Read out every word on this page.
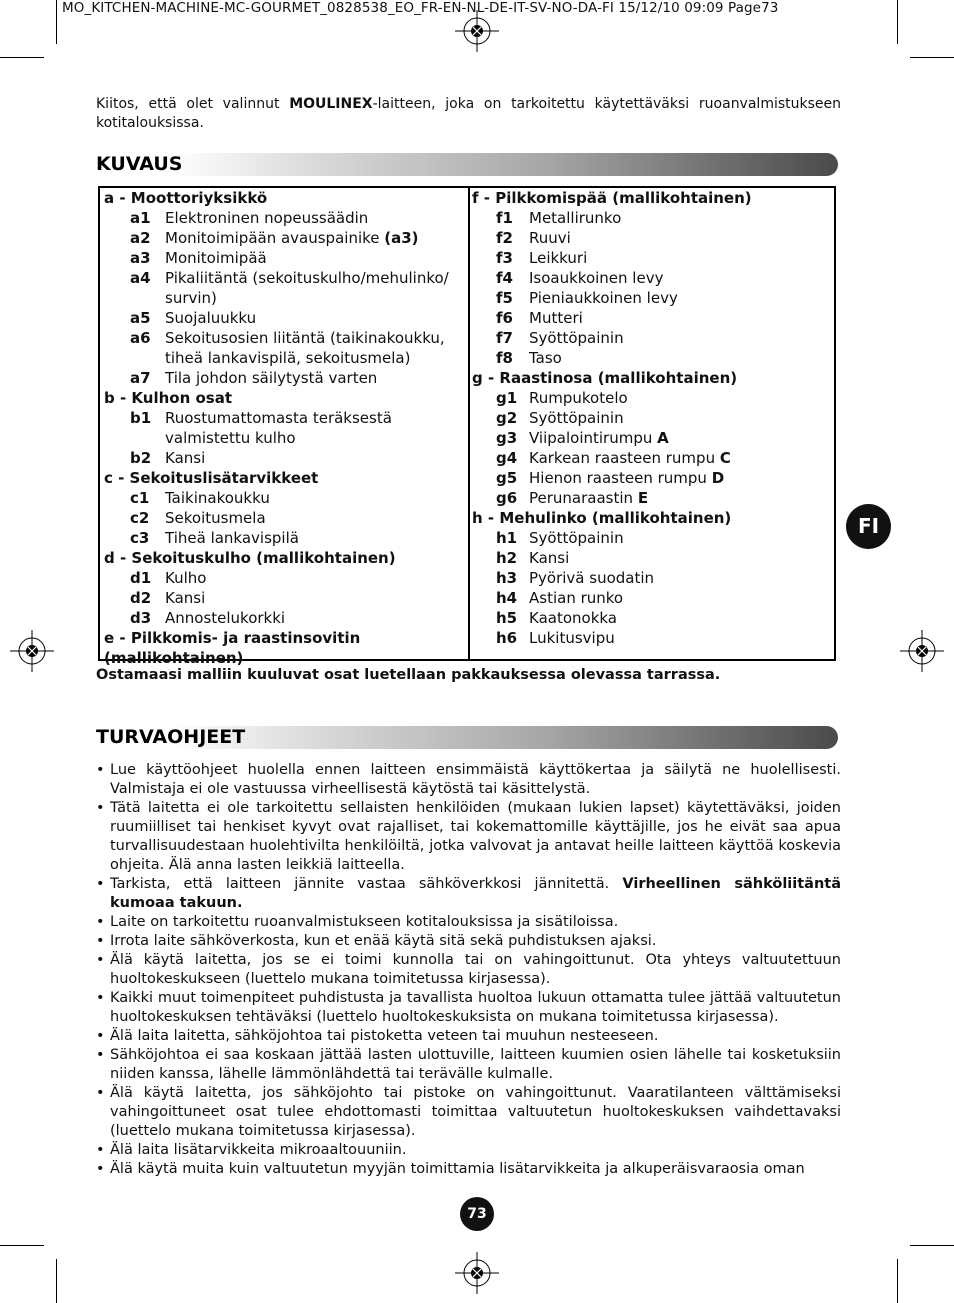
MO_KITCHEN-MACHINE-MC-GOURMET_0828538_EO_FR-EN-NL-DE-IT-SV-NO-DA-FI 15/12/10 09:09 Page73
Kiitos, että olet valinnut MOULINEX-laitteen, joka on tarkoitettu käytettäväksi ruoanvalmistukseen kotitalouksissa.
KUVAUS
a - Moottoriyksikkö
a1 Elektroninen nopeussäädin
a2 Monitoimipään avauspainike (a3)
a3 Monitoimipää
a4 Pikaliitäntä (sekoituskulho/mehulinko/
survin)
a5 Suojaluukku
a6 Sekoitusosien liitäntä (taikinakoukku,
tiheä lankavispilä, sekoitusmela)
a7 Tila johdon säilytystä varten
b - Kulhon osat
b1 Ruostumattomasta teräksestä
valmistettu kulho
b2 Kansi
c - Sekoituslisätarvikkeet
c1	Taikinakoukku
c2	Sekoitusmela
c3	Tiheä lankavispilä
d - Sekoituskulho (mallikohtainen)
d1 Kulho
d2 Kansi
d3 Annostelukorkki
e - Pilkkomis- ja raastinsovitin (mallikohtainen)
f - Pilkkomispää (mallikohtainen)
f1	Metallirunko
f2	Ruuvi
f3	Leikkuri
f4	Isoaukkoinen levy
f5	Pieniaukkoinen levy
f6	Mutteri
f7	Syöttöpainin
f8	Taso
g - Raastinosa (mallikohtainen)
g1 Rumpukotelo
g2 Syöttöpainin
g3 Viipalointirumpu A
g4 Karkean raasteen rumpu C
g5 Hienon raasteen rumpu D
g6 Perunaraastin E
h - Mehulinko (mallikohtainen)
h1 Syöttöpainin
h2 Kansi
h3 Pyörivä suodatin
h4 Astian runko
h5 Kaatonokka
h6 Lukitusvipu
Ostamaasi malliin kuuluvat osat luetellaan pakkauksessa olevassa tarrassa.
TURVAOHJEET
• Lue käyttöohjeet huolella ennen laitteen ensimmäistä käyttökertaa ja säilytä ne huolellisesti. Valmistaja ei ole vastuussa virheellisestä käytöstä tai käsittelystä.
• Tätä laitetta ei ole tarkoitettu sellaisten henkilöiden (mukaan lukien lapset) käytettäväksi, joiden ruumiilliset tai henkiset kyvyt ovat rajalliset, tai kokemattomille käyttäjille, jos he eivät saa apua turvallisuudestaan huolehtivilta henkilöiltä, jotka valvovat ja antavat heille laitteen käyttöä koskevia ohjeita. Älä anna lasten leikkiä laitteella.
• Tarkista, että laitteen jännite vastaa sähköverkkosi jännitettä. Virheellinen sähköliitäntä kumoaa takuun.
• Laite on tarkoitettu ruoanvalmistukseen kotitalouksissa ja sisätiloissa.
• Irrota laite sähköverkosta, kun et enää käytä sitä sekä puhdistuksen ajaksi.
• Älä käytä laitetta, jos se ei toimi kunnolla tai on vahingoittunut. Ota yhteys valtuutettuun huoltokeskukseen (luettelo mukana toimitetussa kirjasessa).
• Kaikki muut toimenpiteet puhdistusta ja tavallista huoltoa lukuun ottamatta tulee jättää valtuutetun huoltokeskuksen tehtäväksi (luettelo huoltokeskuksista on mukana toimitetussa kirjasessa).
• Älä laita laitetta, sähköjohtoa tai pistoketta veteen tai muuhun nesteeseen.
• Sähköjohtoa ei saa koskaan jättää lasten ulottuville, laitteen kuumien osien lähelle tai kosketuksiin niiden kanssa, lähelle lämmönlähdettä tai terävälle kulmalle.
• Älä käytä laitetta, jos sähköjohto tai pistoke on vahingoittunut. Vaaratilanteen välttämiseksi vahingoittuneet osat tulee ehdottomasti toimittaa valtuutetun huoltokeskuksen vaihdettavaksi (luettelo mukana toimitetussa kirjasessa).
• Älä laita lisätarvikkeita mikroaaltouuniin.
• Älä käytä muita kuin valtuutetun myyjän toimittamia lisätarvikkeita ja alkuperäisvaraosia oman
FI
73
